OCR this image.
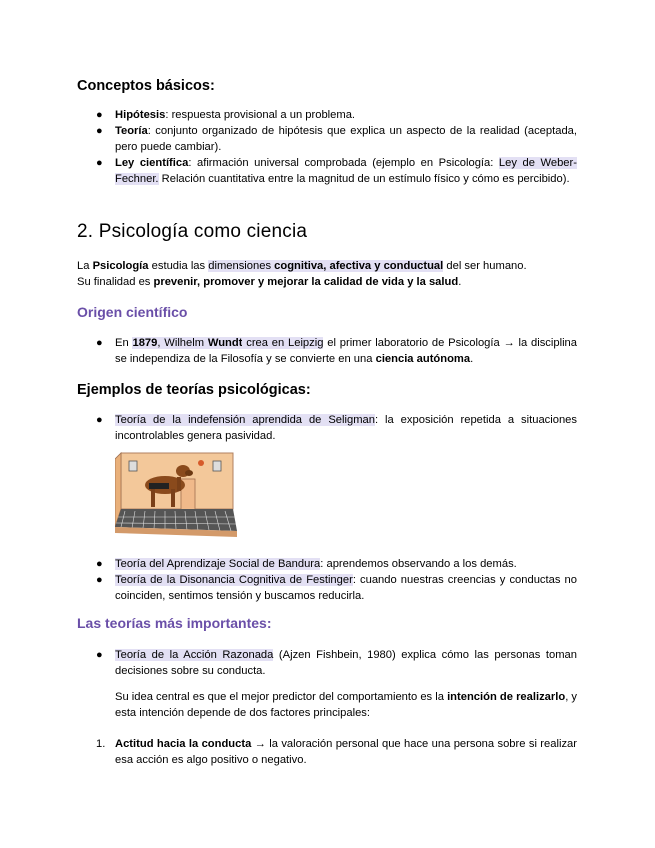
Conceptos básicos:
● Hipótesis: respuesta provisional a un problema.
● Teoría: conjunto organizado de hipótesis que explica un aspecto de la realidad (aceptada, pero puede cambiar).
● Ley científica: afirmación universal comprobada (ejemplo en Psicología: Ley de Weber-Fechner. Relación cuantitativa entre la magnitud de un estímulo físico y cómo es percibido).
2. Psicología como ciencia
La Psicología estudia las dimensiones cognitiva, afectiva y conductual del ser humano.
Su finalidad es prevenir, promover y mejorar la calidad de vida y la salud.
Origen científico
● En 1879, Wilhelm Wundt crea en Leipzig el primer laboratorio de Psicología → la disciplina se independiza de la Filosofía y se convierte en una ciencia autónoma.
Ejemplos de teorías psicológicas:
● Teoría de la indefensión aprendida de Seligman: la exposición repetida a situaciones incontrolables genera pasividad.
● Teoría del Aprendizaje Social de Bandura: aprendemos observando a los demás.
● Teoría de la Disonancia Cognitiva de Festinger: cuando nuestras creencias y conductas no coinciden, sentimos tensión y buscamos reducirla.
Las teorías más importantes:
● Teoría de la Acción Razonada (Ajzen Fishbein, 1980) explica cómo las personas toman decisiones sobre su conducta.
Su idea central es que el mejor predictor del comportamiento es la intención de realizarlo, y esta intención depende de dos factores principales:
1. Actitud hacia la conducta → la valoración personal que hace una persona sobre si realizar esa acción es algo positivo o negativo.
